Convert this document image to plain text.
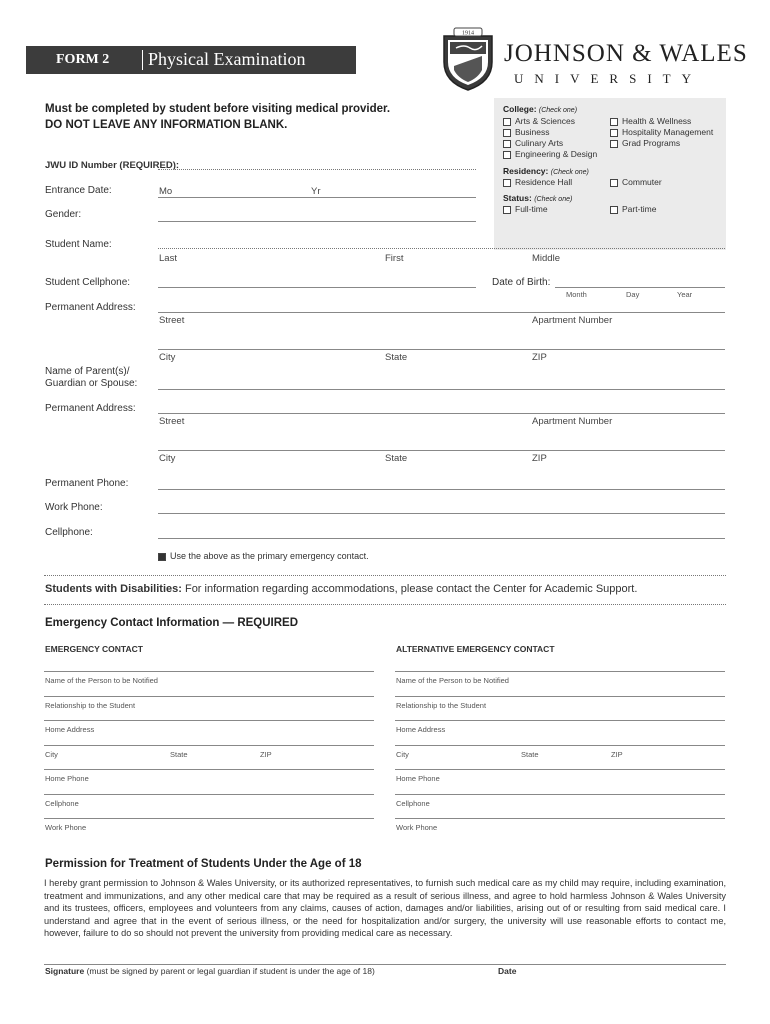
FORM 2 Physical Examination
1914
JOHNSON & WALES
UNIVERSITY
Must be completed by student before visiting medical provider.
DO NOT LEAVE ANY INFORMATION BLANK.
College: (Check one)
Arts & Sciences
Business
Culinary Arts
Engineering & Design
Health & Wellness
Hospitality Management
Grad Programs
Residency: (Check one)
Residence Hall	Commuter
Status: (Check one)
Full-time	Part-time
JWU ID Number (REQUIRED):
Entrance Date:	Mo	Yr
Gender:
Student Name:
Last	First	Middle
Student Cellphone:	Date of Birth:
Month	Day	Year
Permanent Address:
Street	Apartment Number
City	State	ZIP
Name of Parent(s)/
Guardian or Spouse:
Permanent Address:
Street	Apartment Number
City	State	ZIP
Permanent Phone:
Work Phone:
Cellphone:
Use the above as the primary emergency contact.
Students with Disabilities: For information regarding accommodations, please contact the Center for Academic Support.
Emergency Contact Information — REQUIRED
EMERGENCY CONTACT	ALTERNATIVE EMERGENCY CONTACT
Name of the Person to be Notified
Relationship to the Student
Home Address
City	State	ZIP
Home Phone
Cellphone
Work Phone
Name of the Person to be Notified
Relationship to the Student
Home Address
City	State	ZIP
Home Phone
Cellphone
Work Phone
Permission for Treatment of Students Under the Age of 18
I hereby grant permission to Johnson & Wales University, or its authorized representatives, to furnish such medical care as my child may require, including examination, treatment and immunizations, and any other medical care that may be required as a result of serious illness, and agree to hold harmless Johnson & Wales University and its trustees, officers, employees and volunteers from any claims, causes of action, damages and/or liabilities, arising out of or resulting from said medical care. I understand and agree that in the event of serious illness, or the need for hospitalization and/or surgery, the university will use reasonable efforts to contact me, however, failure to do so should not prevent the university from providing medical care as necessary.
Signature (must be signed by parent or legal guardian if student is under the age of 18)	Date
